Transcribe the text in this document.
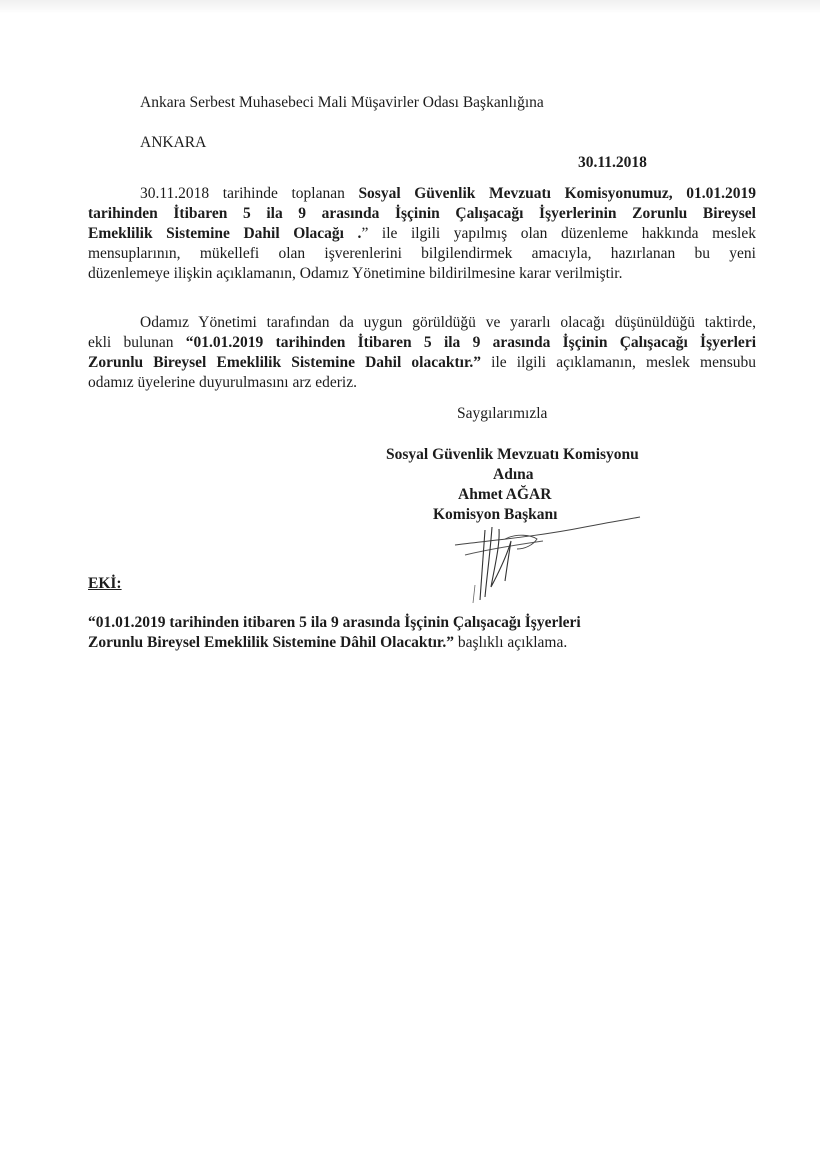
Ankara Serbest Muhasebeci Mali Müşavirler Odası Başkanlığına
ANKARA
30.11.2018
30.11.2018 tarihinde toplanan Sosyal Güvenlik Mevzuatı Komisyonumuz, 01.01.2019
tarihinden İtibaren 5 ila 9 arasında İşçinin Çalışacağı İşyerlerinin Zorunlu Bireysel
Emeklilik Sistemine Dahil Olacağı .” ile ilgili yapılmış olan düzenleme hakkında meslek
mensuplarının, mükellefi olan işverenlerini bilgilendirmek amacıyla, hazırlanan bu yeni
düzenlemeye ilişkin açıklamanın, Odamız Yönetimine bildirilmesine karar verilmiştir.
Odamız Yönetimi tarafından da uygun görüldüğü ve yararlı olacağı düşünüldüğü taktirde,
ekli bulunan “01.01.2019 tarihinden İtibaren 5 ila 9 arasında İşçinin Çalışacağı İşyerleri
Zorunlu Bireysel Emeklilik Sistemine Dahil olacaktır.” ile ilgili açıklamanın, meslek mensubu
odamız üyelerine duyurulmasını arz ederiz.
Saygılarımızla
Sosyal Güvenlik Mevzuatı Komisyonu
Adına
Ahmet AĞAR
Komisyon Başkanı
EKİ:
“01.01.2019 tarihinden itibaren 5 ila 9 arasında İşçinin Çalışacağı İşyerleri
Zorunlu Bireysel Emeklilik Sistemine Dâhil Olacaktır.” başlıklı açıklama.
